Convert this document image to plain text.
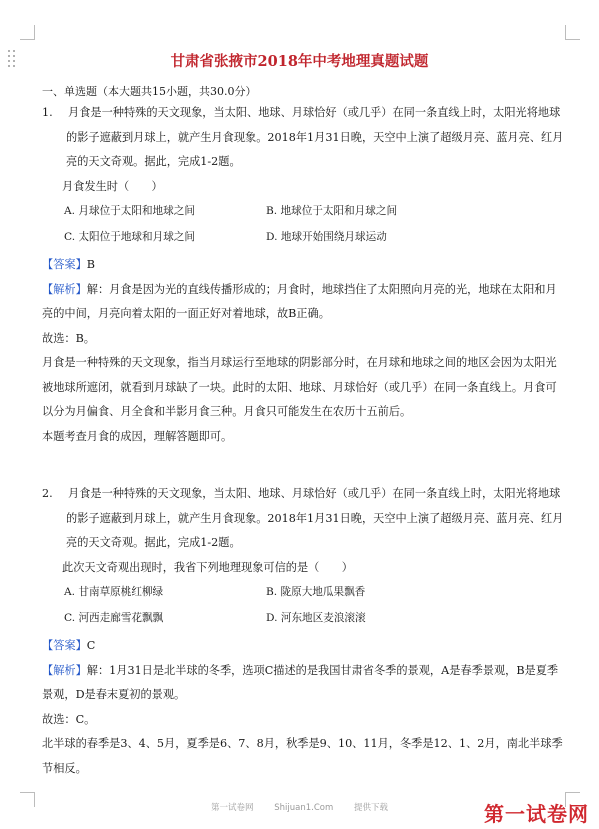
甘肃省张掖市2018年中考地理真题试题
一、单选题（本大题共15小题，共30.0分）

1. 月食是一种特殊的天文现象，当太阳、地球、月球恰好（或几乎）在同一条直线上时，太阳光将地球

的影子遮蔽到月球上，就产生月食现象。2018年1月31日晚，天空中上演了超级月亮、蓝月亮、红月

亮的天文奇观。据此，完成1-2题。

月食发生时（　　）
A. 月球位于太阳和地球之间	B. 地球位于太阳和月球之间
C. 太阳位于地球和月球之间	D. 地球开始围绕月球运动

【答案】B

【解析】解：月食是因为光的直线传播形成的；月食时，地球挡住了太阳照向月亮的光，地球在太阳和月

亮的中间，月亮向着太阳的一面正好对着地球，故B正确。

故选：B。

月食是一种特殊的天文现象，指当月球运行至地球的阴影部分时，在月球和地球之间的地区会因为太阳光

被地球所遮闭，就看到月球缺了一块。此时的太阳、地球、月球恰好（或几乎）在同一条直线上。月食可

以分为月偏食、月全食和半影月食三种。月食只可能发生在农历十五前后。

本题考查月食的成因，理解答题即可。

2. 月食是一种特殊的天文现象，当太阳、地球、月球恰好（或几乎）在同一条直线上时，太阳光将地球

的影子遮蔽到月球上，就产生月食现象。2018年1月31日晚，天空中上演了超级月亮、蓝月亮、红月

亮的天文奇观。据此，完成1-2题。

此次天文奇观出现时，我省下列地理现象可信的是（　　）
A. 甘南草原桃红柳绿	B. 陇原大地瓜果飘香
C. 河西走廊雪花飘飘	D. 河东地区麦浪滚滚

【答案】C

【解析】解：1月31日是北半球的冬季，选项C描述的是我国甘肃省冬季的景观，A是春季景观，B是夏季

景观，D是春末夏初的景观。

故选：C。

北半球的春季是3、4、5月，夏季是6、7、8月，秋季是9、10、11月，冬季是12、1、2月，南北半球季

节相反。

第一试卷网 Shijuan1.Com 提供下载	第一试卷网
